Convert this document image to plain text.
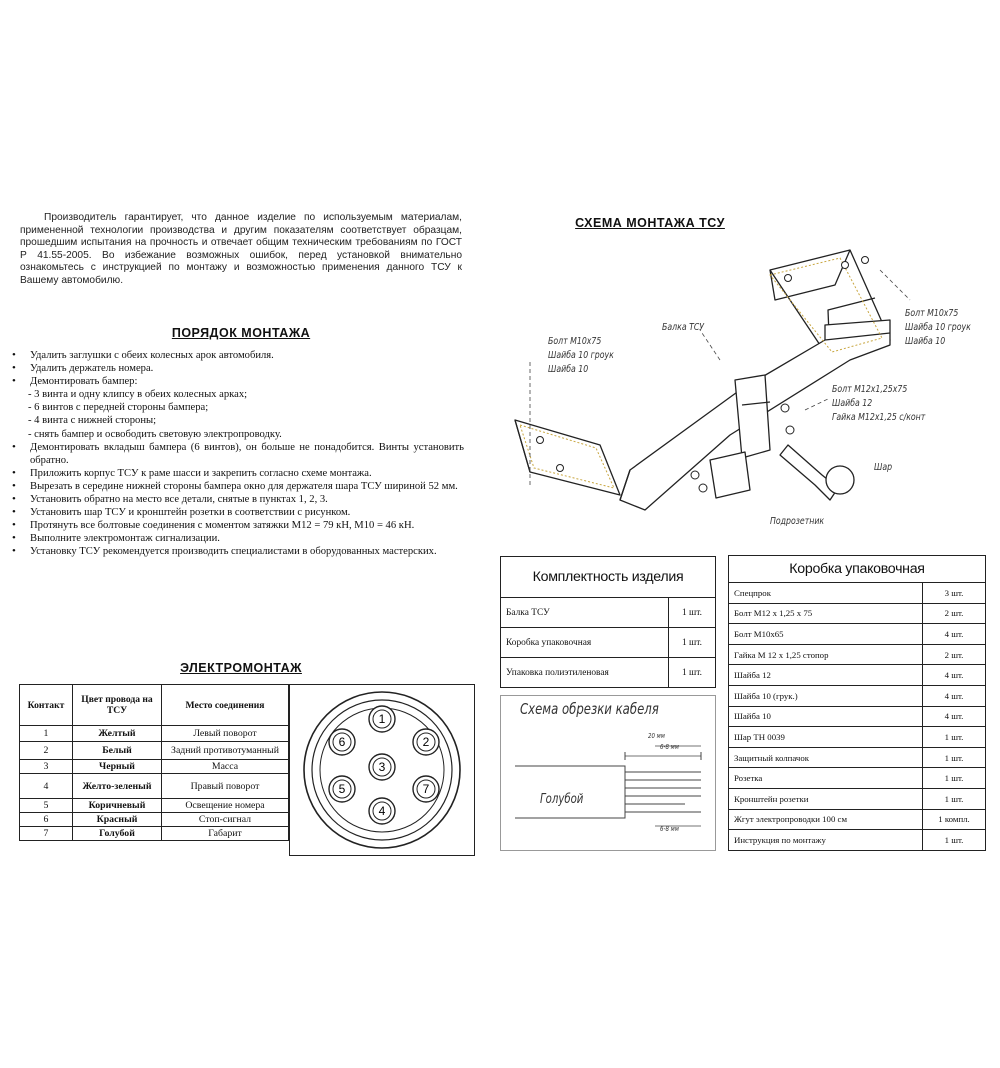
Производитель гарантирует, что данное изделие по используемым материалам, примененной технологии производства и другим показателям соответствует образцам, прошедшим испытания на прочность и отвечает общим техническим требованиям по ГОСТ Р 41.55-2005. Во избежание возможных ошибок, перед установкой внимательно ознакомьтесь с инструкцией по монтажу и возможностью применения данного ТСУ к Вашему автомобилю.

ПОРЯДОК МОНТАЖА
• Удалить заглушки с обеих колесных арок автомобиля.
• Удалить держатель номера.
• Демонтировать бампер:
- 3 винта и одну клипсу в обеих колесных арках;
- 6 винтов с передней стороны бампера;
- 4 винта с нижней стороны;
- снять бампер и освободить световую электропроводку.
• Демонтировать вкладыш бампера (6 винтов), он больше не понадобится. Винты установить обратно.
• Приложить корпус ТСУ к раме шасси и закрепить согласно схеме монтажа.
• Вырезать в середине нижней стороны бампера окно для держателя шара ТСУ шириной 52 мм.
• Установить обратно на место все детали, снятые в пунктах 1, 2, 3.
• Установить шар ТСУ и кронштейн розетки в соответствии с рисунком.
• Протянуть все болтовые соединения с моментом затяжки М12 = 79 кН, М10 = 46 кН.
• Выполните электромонтаж сигнализации.
• Установку ТСУ рекомендуется производить специалистами в оборудованных мастерских.
ЭЛЕКТРОМОНТАЖ
Контакт	Цвет провода на ТСУ	Место соединения
1	Желтый	Левый поворот
2	Белый	Задний противотуманный
3	Черный	Масса
4	Желто-зеленый	Правый поворот
5	Коричневый	Освещение номера
6	Красный	Стоп-сигнал
7	Голубой	Габарит
1
2
3
4
5
6
7
СХЕМА МОНТАЖА ТСУ
Болт М10х75
Шайба 10 гроук
Шайба 10
Болт М10х75
Шайба 10 гроук
Шайба 10
Балка ТСУ
Болт М12х1,25х75
Шайба 12
Гайка М12х1,25 с/конт
Шар
Подрозетник
Комплектность изделия	
Балка ТСУ	1 шт.
Коробка упаковочная	1 шт.
Упаковка полиэтиленовая	1 шт.
Коробка упаковочная	
Спецпрок	3 шт.
Болт М12 х 1,25 х 75	2 шт.
Болт М10х65	4 шт.
Гайка М 12 х 1,25 стопор	2 шт.
Шайба 12	4 шт.
Шайба 10 (грук.)	4 шт.
Шайба 10	4 шт.
Шар ТН 0039	1 шт.
Защитный колпачок	1 шт.
Розетка	1 шт.
Кронштейн розетки	1 шт.
Жгут электропроводки 100 см	1 компл.
Инструкция по монтажу	1 шт.
Схема обрезки кабеля
20 мм
6-8 мм
6-8 мм
Голубой
